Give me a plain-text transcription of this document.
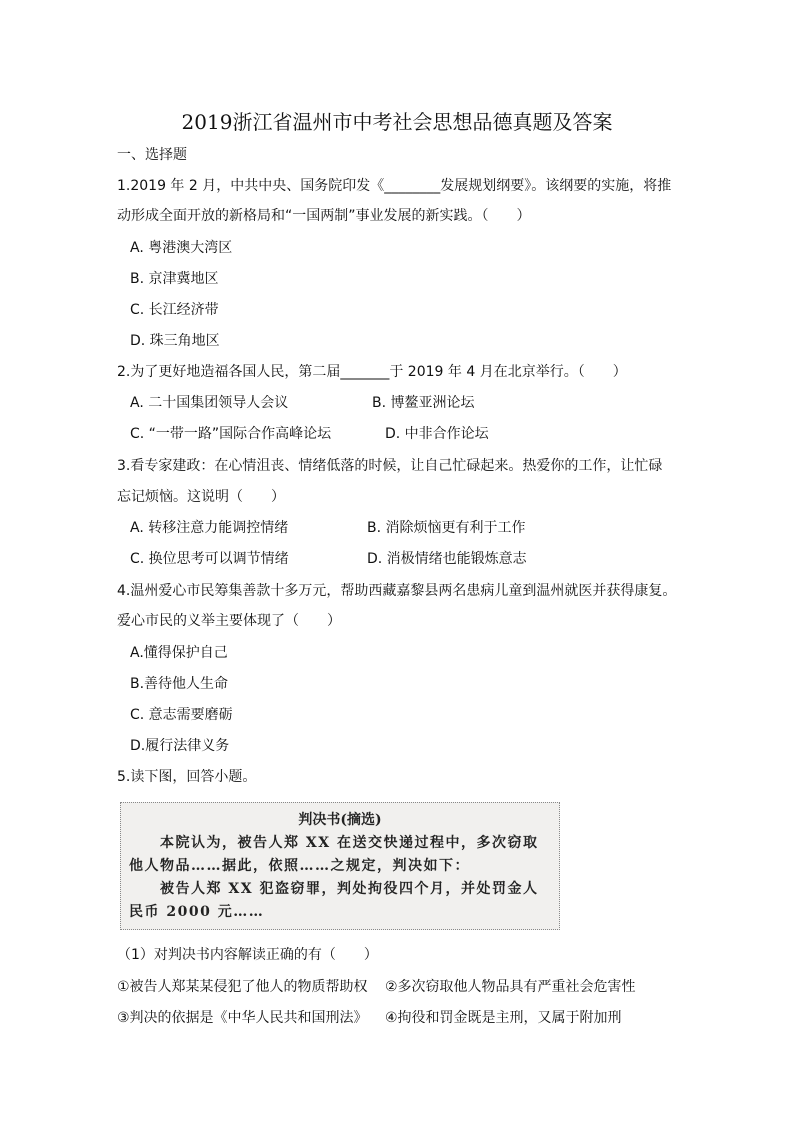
2019浙江省温州市中考社会思想品德真题及答案
一、选择题
1.2019 年 2 月，中共中央、国务院印发《________发展规划纲要》。该纲要的实施，将推
动形成全面开放的新格局和“一国两制”事业发展的新实践。（　　）
A. 粤港澳大湾区
B. 京津冀地区
C. 长江经济带
D. 珠三角地区
2.为了更好地造福各国人民，第二届_______于 2019 年 4 月在北京举行。（　　）
A. 二十国集团领导人会议	B. 博鳌亚洲论坛
C. “一带一路”国际合作高峰论坛	D. 中非合作论坛
3.看专家建政：在心情沮丧、情绪低落的时候，让自己忙碌起来。热爱你的工作，让忙碌
忘记烦恼。这说明（　　）
A. 转移注意力能调控情绪	B. 消除烦恼更有利于工作
C. 换位思考可以调节情绪	D. 消极情绪也能锻炼意志
4.温州爱心市民筹集善款十多万元，帮助西藏嘉黎县两名患病儿童到温州就医并获得康复。
爱心市民的义举主要体现了（　　）
A.懂得保护自己
B.善待他人生命
C. 意志需要磨砺
D.履行法律义务
5.读下图，回答小题。
判决书(摘选)

　　本院认为，被告人郑 XX 在送交快递过程中，多次窃取

他人物品……据此，依照……之规定，判决如下：

　　被告人郑 XX 犯盗窃罪，判处拘役四个月，并处罚金人

民币 2000 元……

（1）对判决书内容解读正确的有（　　）
①被告人郑某某侵犯了他人的物质帮助权 ②多次窃取他人物品具有严重社会危害性
③判决的依据是《中华人民共和国刑法》 ④拘役和罚金既是主刑，又属于附加刑
